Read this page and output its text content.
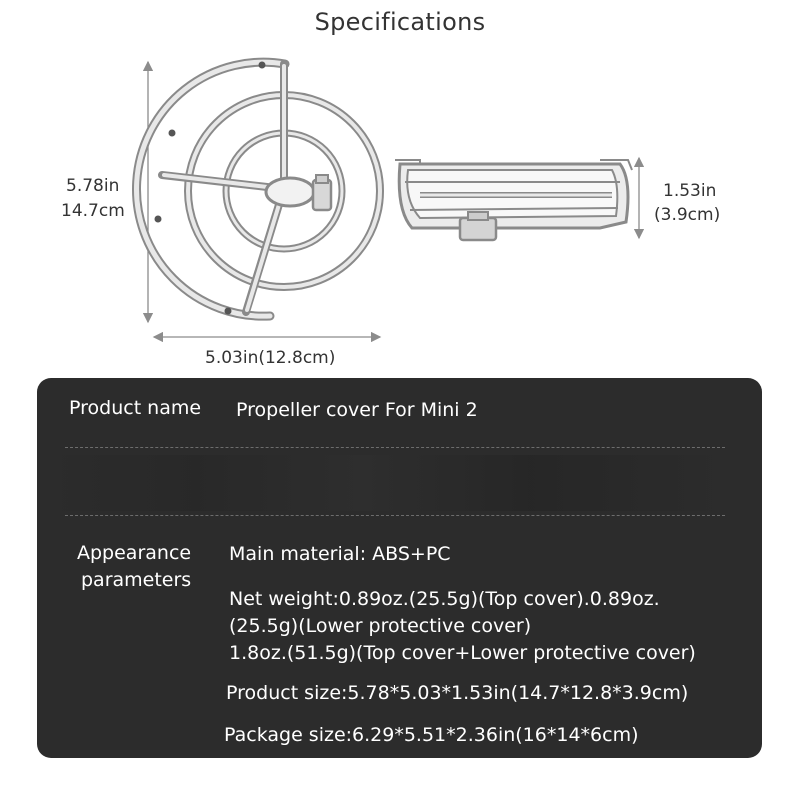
Specifications
5.78in
14.7cm
5.03in(12.8cm)
1.53in
(3.9cm)
Product name Propeller cover For Mini 2
Appearance
parameters
Main material: ABS+PC
Net weight:0.89oz.(25.5g)(Top cover).0.89oz.
(25.5g)(Lower protective cover)
1.8oz.(51.5g)(Top cover+Lower protective cover)
Product size:5.78*5.03*1.53in(14.7*12.8*3.9cm)
Package size:6.29*5.51*2.36in(16*14*6cm)
